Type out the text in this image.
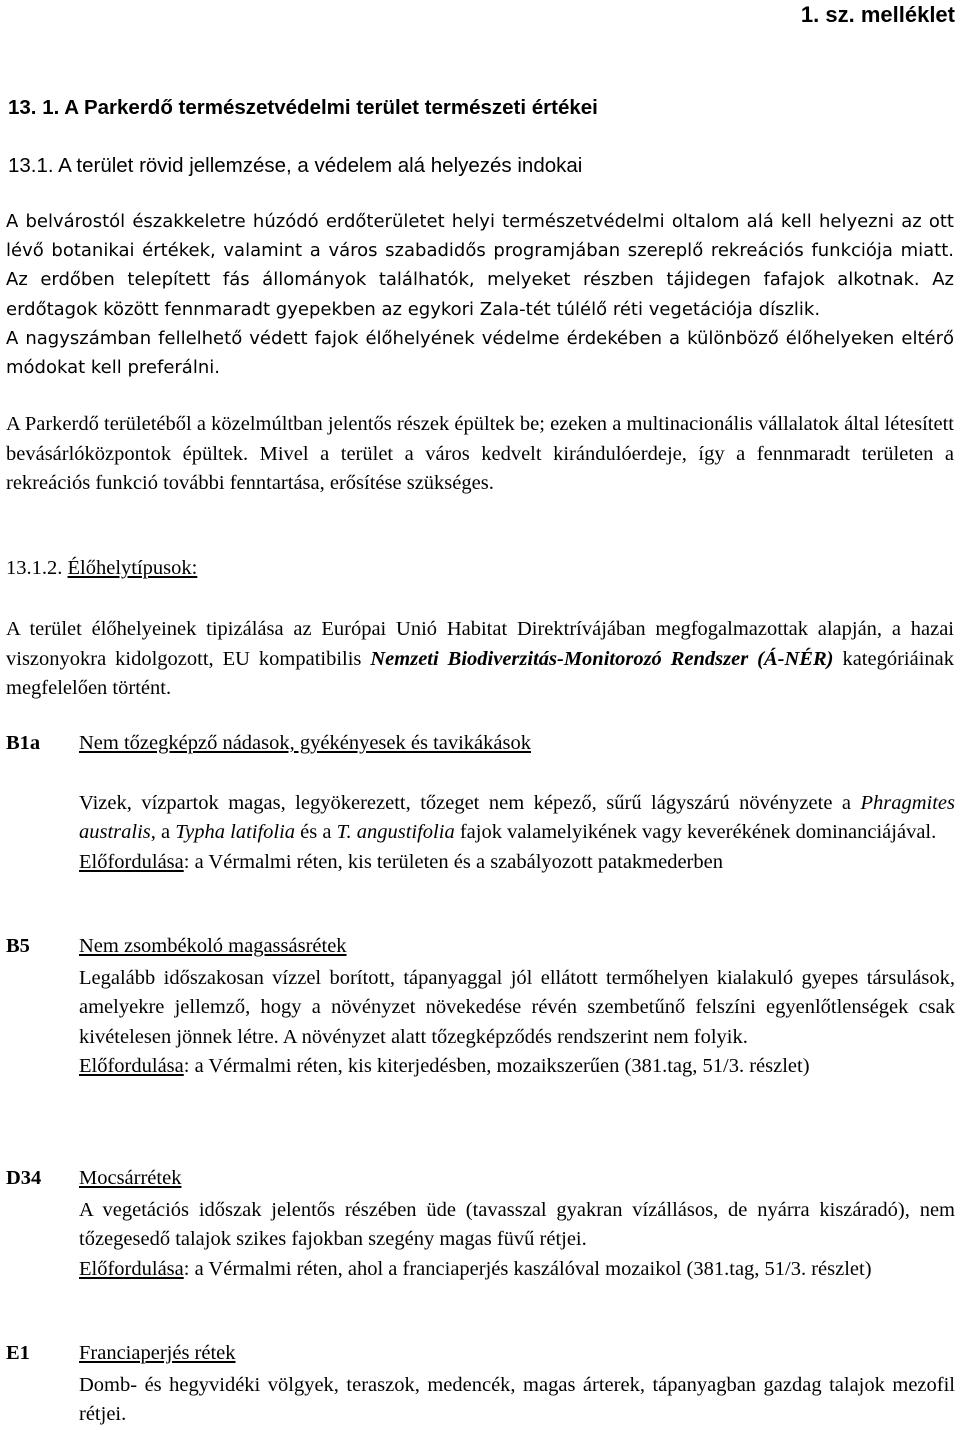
1. sz. melléklet
13. 1. A Parkerdő természetvédelmi terület természeti értékei
13.1. A terület rövid jellemzése, a védelem alá helyezés indokai

A belvárostól északkeletre húzódó erdőterületet helyi természetvédelmi oltalom alá kell helyezni az ott lévő botanikai értékek, valamint a város szabadidős programjában szereplő rekreációs funkciója miatt. Az erdőben telepített fás állományok találhatók, melyeket részben tájidegen fafajok alkotnak. Az erdőtagok között fennmaradt gyepekben az egykori Zala-tét túlélő réti vegetációja díszlik.

A nagyszámban fellelhető védett fajok élőhelyének védelme érdekében a különböző élőhelyeken eltérő módokat kell preferálni.

A Parkerdő területéből a közelmúltban jelentős részek épültek be; ezeken a multinacionális vállalatok által létesített bevásárlóközpontok épültek. Mivel a terület a város kedvelt kirándulóerdeje, így a fennmaradt területen a rekreációs funkció további fenntartása, erősítése szükséges.

13.1.2. Élőhelytípusok:

A terület élőhelyeinek tipizálása az Európai Unió Habitat Direktrívájában megfogalmazottak alapján, a hazai viszonyokra kidolgozott, EU kompatibilis Nemzeti Biodiverzitás-Monitorozó Rendszer (Á-NÉR) kategóriáinak megfelelően történt.

B1a Nem tőzegképző nádasok, gyékényesek és tavikákások

Vizek, vízpartok magas, legyökerezett, tőzeget nem képező, sűrű lágyszárú növényzete a Phragmites australis, a Typha latifolia és a T. angustifolia fajok valamelyikének vagy keverékének dominanciájával.

Előfordulása: a Vérmalmi réten, kis területen és a szabályozott patakmederben

B5 Nem zsombékoló magassásrétek

Legalább időszakosan vízzel borított, tápanyaggal jól ellátott termőhelyen kialakuló gyepes társulások, amelyekre jellemző, hogy a növényzet növekedése révén szembetűnő felszíni egyenlőtlenségek csak kivételesen jönnek létre. A növényzet alatt tőzegképződés rendszerint nem folyik.

Előfordulása: a Vérmalmi réten, kis kiterjedésben, mozaikszerűen (381.tag, 51/3. részlet)

D34 Mocsárrétek

A vegetációs időszak jelentős részében üde (tavasszal gyakran vízállásos, de nyárra kiszáradó), nem tőzegesedő talajok szikes fajokban szegény magas füvű rétjei.

Előfordulása: a Vérmalmi réten, ahol a franciaperjés kaszálóval mozaikol (381.tag, 51/3. részlet)

E1 Franciaperjés rétek

Domb- és hegyvidéki völgyek, teraszok, medencék, magas árterek, tápanyagban gazdag talajok mezofil rétjei.
